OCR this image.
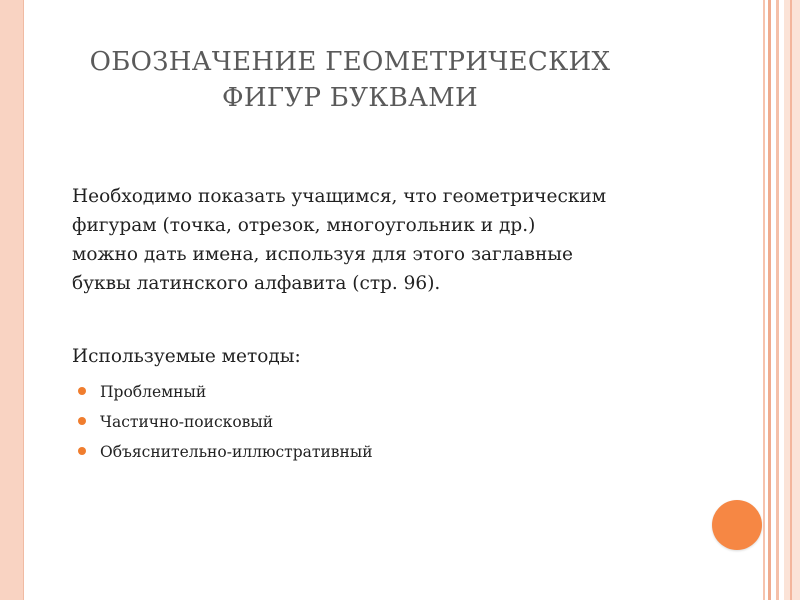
ОБОЗНАЧЕНИЕ ГЕОМЕТРИЧЕСКИХ
ФИГУР БУКВАМИ
Необходимо показать учащимся, что геометрическим
фигурам (точка, отрезок, многоугольник и др.)
можно дать имена, используя для этого заглавные
буквы латинского алфавита (стр. 96).
Используемые методы:
Проблемный
Частично-поисковый
Объяснительно-иллюстративный
